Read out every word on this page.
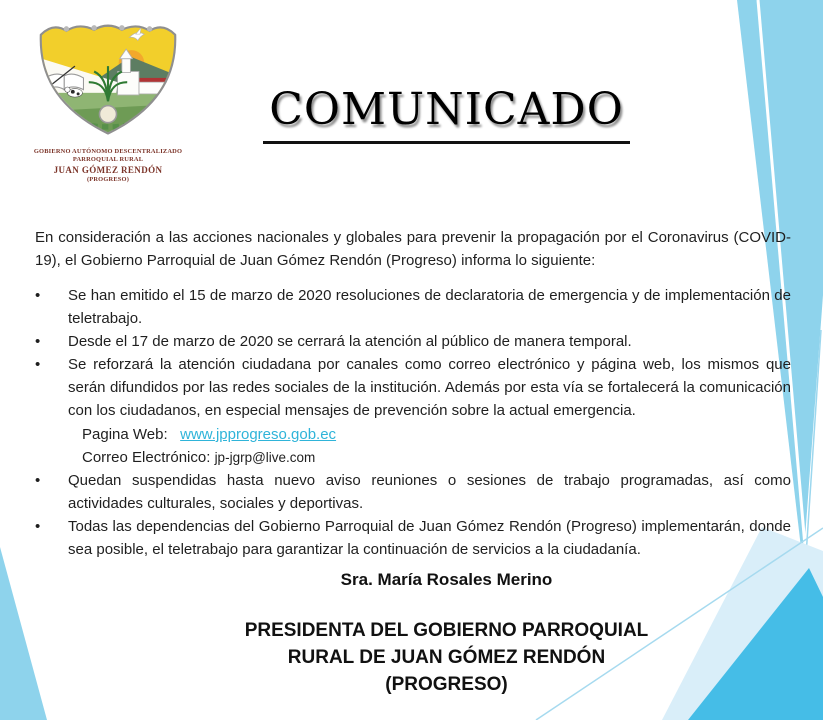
GOBIERNO AUTÓNOMO DESCENTRALIZADO
PARROQUIAL RURAL
JUAN GÓMEZ RENDÓN
(PROGRESO)
COMUNICADO
En consideración a las acciones nacionales y globales para prevenir la propagación por el Coronavirus (COVID-19), el Gobierno Parroquial de Juan Gómez Rendón (Progreso) informa lo siguiente:
•
Se han emitido el 15 de marzo de 2020 resoluciones de declaratoria de emergencia y de implementación de teletrabajo.
•
Desde el 17 de marzo de 2020 se cerrará la atención al público de manera temporal.
•
Se reforzará la atención ciudadana por canales como correo electrónico y página web, los mismos que serán difundidos por las redes sociales de la institución. Además por esta vía se fortalecerá la comunicación con los ciudadanos, en especial mensajes de prevención sobre la actual emergencia.
Pagina Web: www.jpprogreso.gob.ec
Correo Electrónico: jp-jgrp@live.com
•
Quedan suspendidas hasta nuevo aviso reuniones o sesiones de trabajo programadas, así como actividades culturales, sociales y deportivas.
•
Todas las dependencias del Gobierno Parroquial de Juan Gómez Rendón (Progreso) implementarán, donde sea posible, el teletrabajo para garantizar la continuación de servicios a la ciudadanía.
Sra. María Rosales Merino
PRESIDENTA DEL GOBIERNO PARROQUIAL
RURAL DE JUAN GÓMEZ RENDÓN
(PROGRESO)
